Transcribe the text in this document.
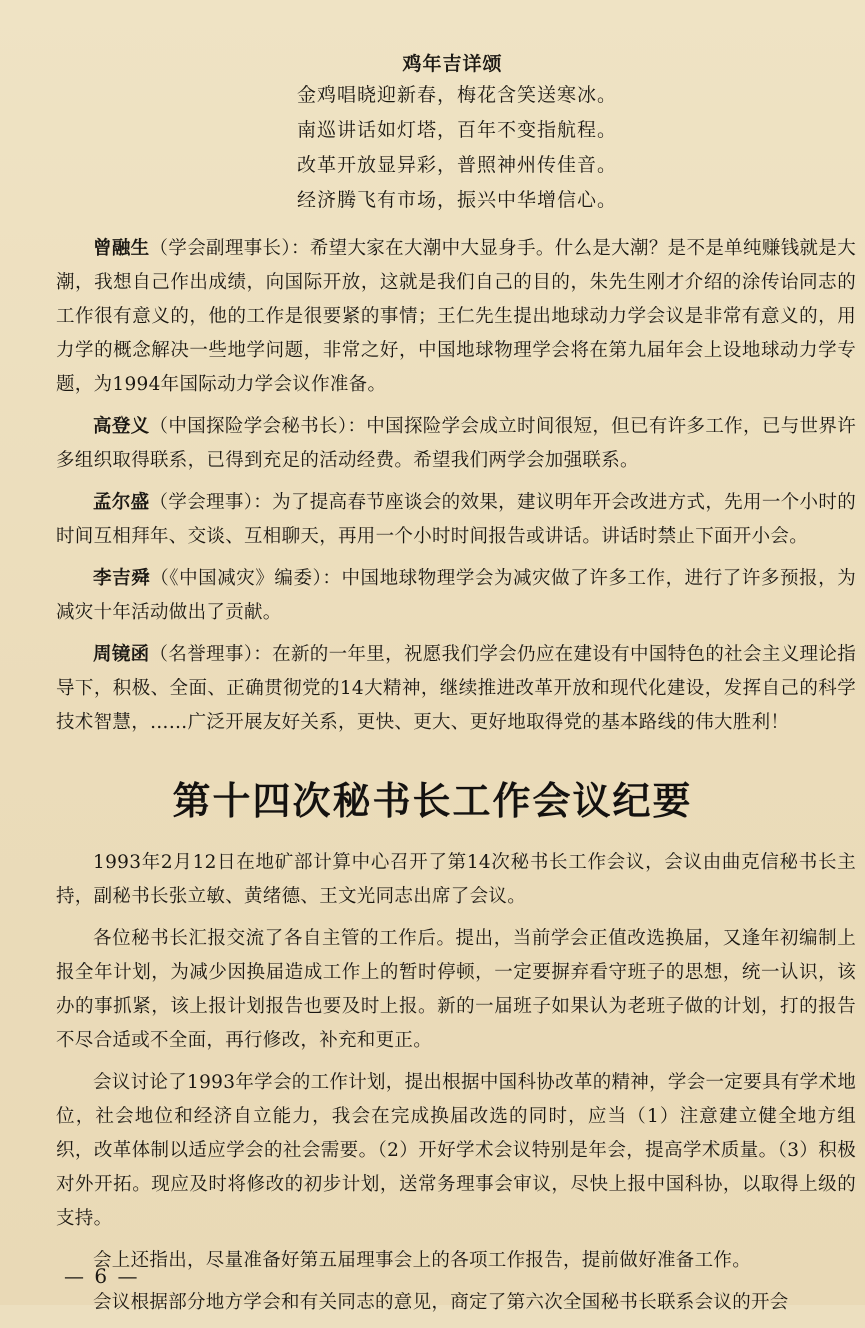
鸡年吉详颂
金鸡唱晓迎新春，梅花含笑送寒冰。
南巡讲话如灯塔，百年不变指航程。
改革开放显异彩，普照神州传佳音。
经济腾飞有市场，振兴中华增信心。

曾融生（学会副理事长）：希望大家在大潮中大显身手。什么是大潮？是不是单纯赚钱就是大潮，我想自己作出成绩，向国际开放，这就是我们自己的目的，朱先生刚才介绍的涂传诒同志的工作很有意义的，他的工作是很要紧的事情；王仁先生提出地球动力学会议是非常有意义的，用力学的概念解决一些地学问题，非常之好，中国地球物理学会将在第九届年会上设地球动力学专题，为1994年国际动力学会议作准备。

高登义（中国探险学会秘书长）：中国探险学会成立时间很短，但已有许多工作，已与世界许多组织取得联系，已得到充足的活动经费。希望我们两学会加强联系。

孟尔盛（学会理事）：为了提高春节座谈会的效果，建议明年开会改进方式，先用一个小时的时间互相拜年、交谈、互相聊天，再用一个小时时间报告或讲话。讲话时禁止下面开小会。

李吉舜（《中国减灾》编委）：中国地球物理学会为减灾做了许多工作，进行了许多预报，为减灾十年活动做出了贡献。

周镜函（名誉理事）：在新的一年里，祝愿我们学会仍应在建设有中国特色的社会主义理论指导下，积极、全面、正确贯彻党的14大精神，继续推进改革开放和现代化建设，发挥自己的科学技术智慧，……广泛开展友好关系，更快、更大、更好地取得党的基本路线的伟大胜利！

第十四次秘书长工作会议纪要

1993年2月12日在地矿部计算中心召开了第14次秘书长工作会议，会议由曲克信秘书长主持，副秘书长张立敏、黄绪德、王文光同志出席了会议。

各位秘书长汇报交流了各自主管的工作后。提出，当前学会正值改选换届，又逢年初编制上报全年计划，为减少因换届造成工作上的暂时停顿，一定要摒弃看守班子的思想，统一认识，该办的事抓紧，该上报计划报告也要及时上报。新的一届班子如果认为老班子做的计划，打的报告不尽合适或不全面，再行修改，补充和更正。

会议讨论了1993年学会的工作计划，提出根据中国科协改革的精神，学会一定要具有学术地位，社会地位和经济自立能力，我会在完成换届改选的同时，应当（1）注意建立健全地方组织，改革体制以适应学会的社会需要。（2）开好学术会议特别是年会，提高学术质量。（3）积极对外开拓。现应及时将修改的初步计划，送常务理事会审议，尽快上报中国科协，以取得上级的支持。

会上还指出，尽量准备好第五届理事会上的各项工作报告，提前做好准备工作。

会议根据部分地方学会和有关同志的意见，商定了第六次全国秘书长联系会议的开会

— 6 —
